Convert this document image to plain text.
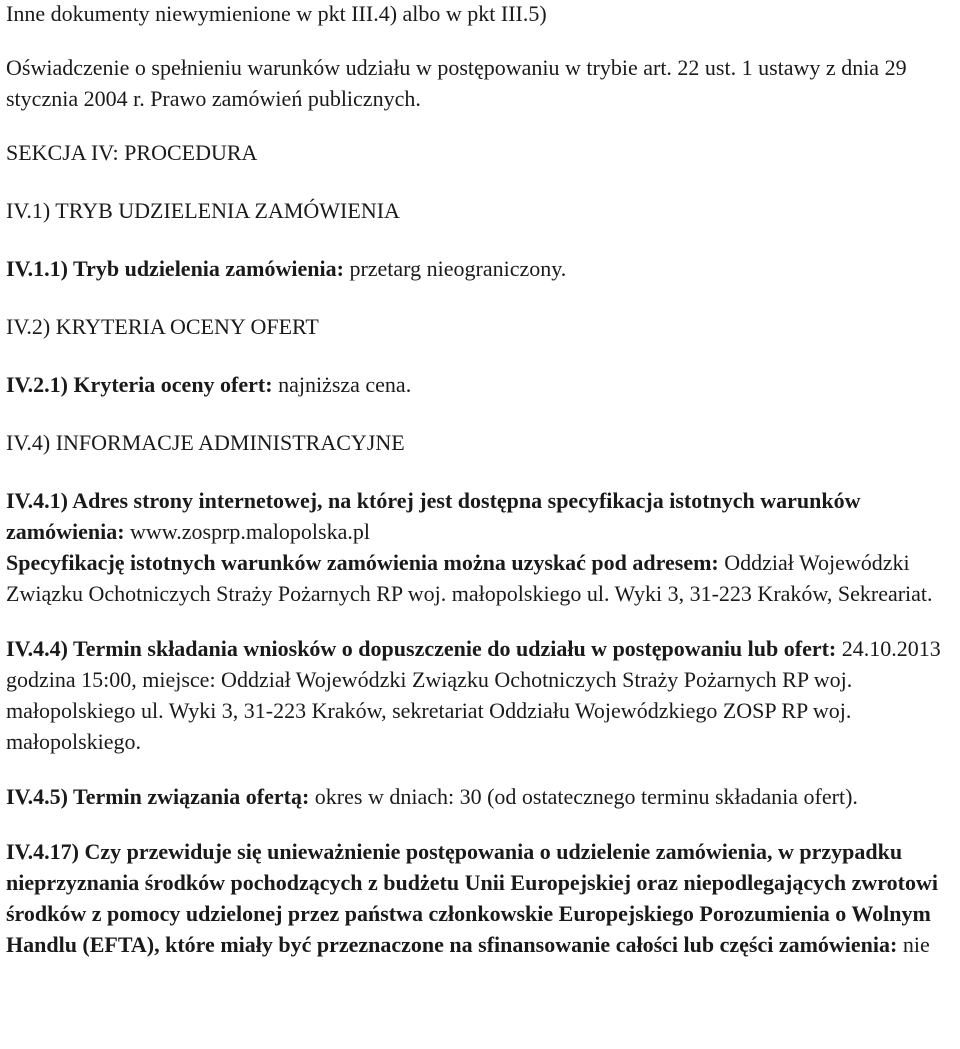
Inne dokumenty niewymienione w pkt III.4) albo w pkt III.5)

Oświadczenie o spełnieniu warunków udziału w postępowaniu w trybie art. 22 ust. 1 ustawy z dnia 29 stycznia 2004 r. Prawo zamówień publicznych.

SEKCJA IV: PROCEDURA

IV.1) TRYB UDZIELENIA ZAMÓWIENIA

IV.1.1) Tryb udzielenia zamówienia: przetarg nieograniczony.

IV.2) KRYTERIA OCENY OFERT

IV.2.1) Kryteria oceny ofert: najniższa cena.

IV.4) INFORMACJE ADMINISTRACYJNE

IV.4.1) Adres strony internetowej, na której jest dostępna specyfikacja istotnych warunków zamówienia: www.zosprp.malopolska.pl

Specyfikację istotnych warunków zamówienia można uzyskać pod adresem: Oddział Wojewódzki Związku Ochotniczych Straży Pożarnych RP woj. małopolskiego ul. Wyki 3, 31-223 Kraków, Sekreariat.

IV.4.4) Termin składania wniosków o dopuszczenie do udziału w postępowaniu lub ofert: 24.10.2013 godzina 15:00, miejsce: Oddział Wojewódzki Związku Ochotniczych Straży Pożarnych RP woj. małopolskiego ul. Wyki 3, 31-223 Kraków, sekretariat Oddziału Wojewódzkiego ZOSP RP woj. małopolskiego.

IV.4.5) Termin związania ofertą: okres w dniach: 30 (od ostatecznego terminu składania ofert).

IV.4.17) Czy przewiduje się unieważnienie postępowania o udzielenie zamówienia, w przypadku nieprzyznania środków pochodzących z budżetu Unii Europejskiej oraz niepodlegających zwrotowi środków z pomocy udzielonej przez państwa członkowskie Europejskiego Porozumienia o Wolnym Handlu (EFTA), które miały być przeznaczone na sfinansowanie całości lub części zamówienia: nie
